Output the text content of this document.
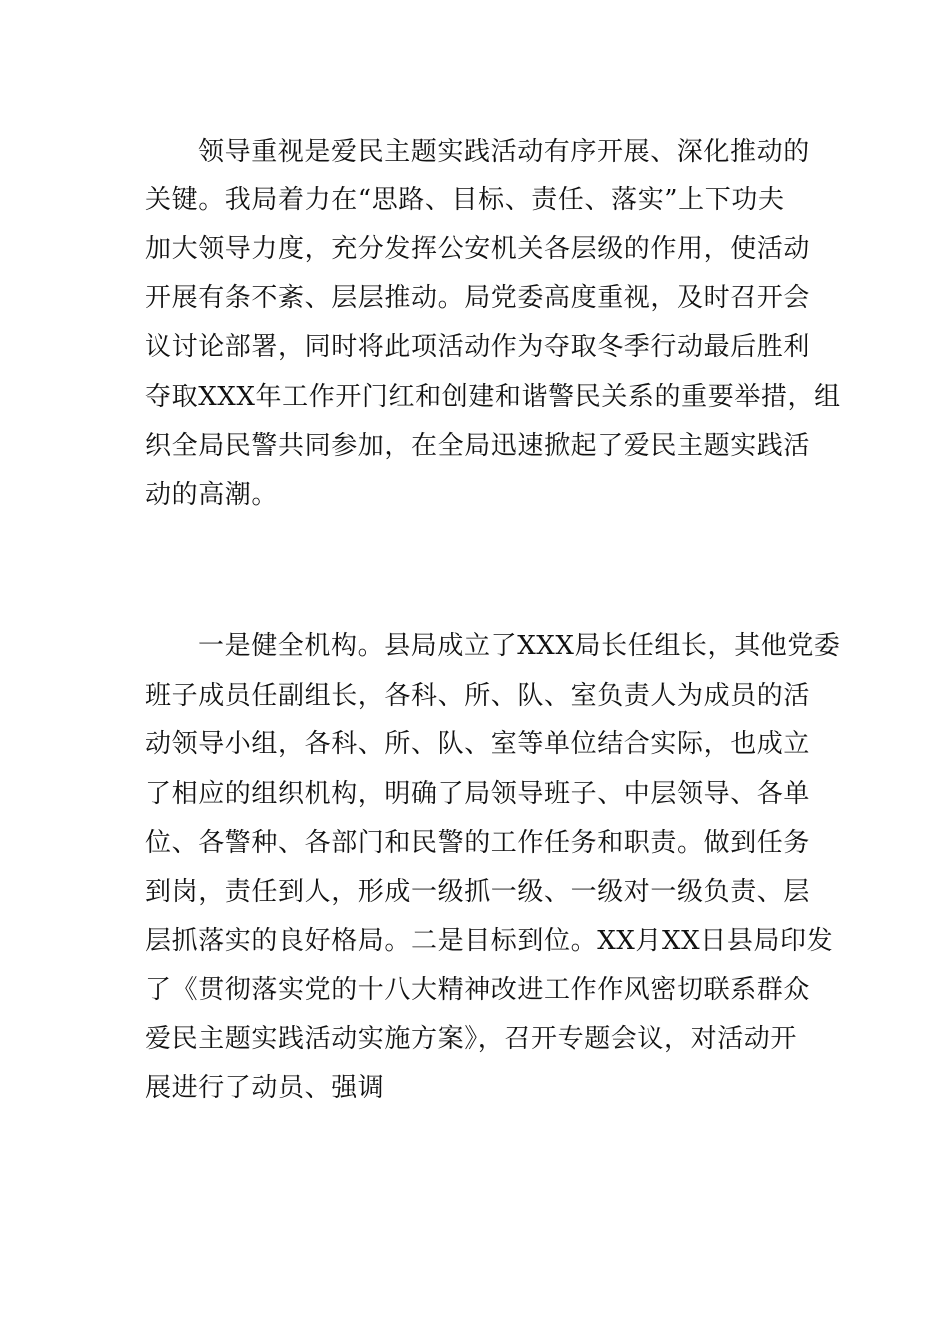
领导重视是爱民主题实践活动有序开展、深化推动的
关键。我局着力在“思路、目标、责任、落实”上下功夫
加大领导力度，充分发挥公安机关各层级的作用，使活动
开展有条不紊、层层推动。局党委高度重视，及时召开会
议讨论部署，同时将此项活动作为夺取冬季行动最后胜利
夺取XXX年工作开门红和创建和谐警民关系的重要举措，组
织全局民警共同参加，在全局迅速掀起了爱民主题实践活
动的高潮。
一是健全机构。县局成立了XXX局长任组长，其他党委
班子成员任副组长，各科、所、队、室负责人为成员的活
动领导小组，各科、所、队、室等单位结合实际，也成立
了相应的组织机构，明确了局领导班子、中层领导、各单
位、各警种、各部门和民警的工作任务和职责。做到任务
到岗，责任到人，形成一级抓一级、一级对一级负责、层
层抓落实的良好格局。二是目标到位。XX月XX日县局印发
了《贯彻落实党的十八大精神改进工作作风密切联系群众
爱民主题实践活动实施方案》，召开专题会议，对活动开
展进行了动员、强调
